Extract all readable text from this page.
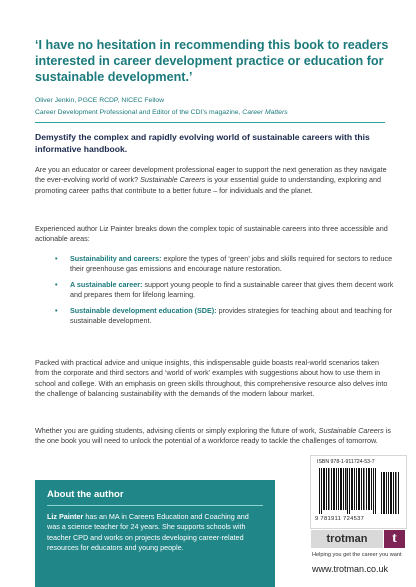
‘I have no hesitation in recommending this book to readers interested in career development practice or education for sustainable development.’

Oliver Jenkin, PGCE RCDP, NICEC Fellow
Career Development Professional and Editor of the CDI’s magazine, Career Matters

Demystify the complex and rapidly evolving world of sustainable careers with this informative handbook.

Are you an educator or career development professional eager to support the next generation as they navigate the ever-evolving world of work? Sustainable Careers is your essential guide to understanding, exploring and promoting career paths that contribute to a better future – for individuals and the planet.

Experienced author Liz Painter breaks down the complex topic of sustainable careers into three accessible and actionable areas:

• Sustainability and careers: explore the types of ‘green’ jobs and skills required for sectors to reduce their greenhouse gas emissions and encourage nature restoration.
• A sustainable career: support young people to find a sustainable career that gives them decent work and prepares them for lifelong learning.
• Sustainable development education (SDE): provides strategies for teaching about and teaching for sustainable development.

Packed with practical advice and unique insights, this indispensable guide boasts real-world scenarios taken from the corporate and third sectors and ‘world of work’ examples with suggestions about how to use them in school and college. With an emphasis on green skills throughout, this comprehensive resource also delves into the challenge of balancing sustainability with the demands of the modern labour market.

Whether you are guiding students, advising clients or simply exploring the future of work, Sustainable Careers is the one book you will need to unlock the potential of a workforce ready to tackle the challenges of tomorrow.

About the author

Liz Painter has an MA in Careers Education and Coaching and was a science teacher for 24 years. She supports schools with teacher CPD and works on projects developing career-related resources for educators and young people.

ISBN 978-1-911724-53-7
9 781911 724537
trotman	t
Helping you get the career you want
www.trotman.co.uk
